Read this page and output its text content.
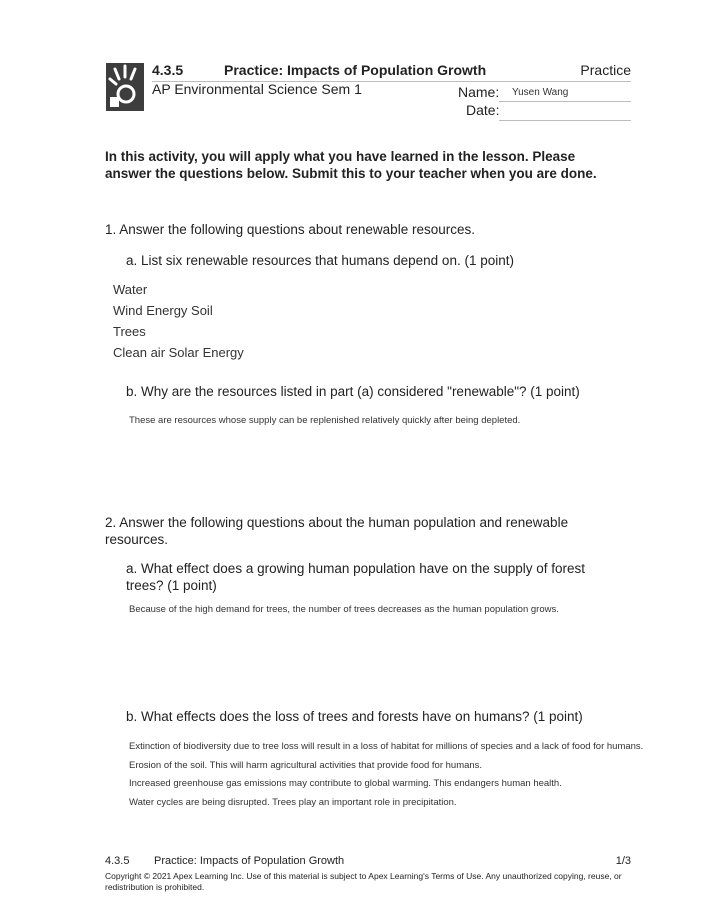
4.3.5	Practice: Impacts of Population Growth	Practice
AP Environmental Science Sem 1	Name: Yusen Wang
Date:
In this activity, you will apply what you have learned in the lesson. Please answer the questions below. Submit this to your teacher when you are done.
1. Answer the following questions about renewable resources.
a. List six renewable resources that humans depend on. (1 point)
Water
Wind Energy Soil
Trees
Clean air Solar Energy
b. Why are the resources listed in part (a) considered "renewable"? (1 point)
These are resources whose supply can be replenished relatively quickly after being depleted.
2. Answer the following questions about the human population and renewable resources.
a. What effect does a growing human population have on the supply of forest trees? (1 point)
Because of the high demand for trees, the number of trees decreases as the human population grows.
b. What effects does the loss of trees and forests have on humans? (1 point)
Extinction of biodiversity due to tree loss will result in a loss of habitat for millions of species and a lack of food for humans.
Erosion of the soil. This will harm agricultural activities that provide food for humans.
Increased greenhouse gas emissions may contribute to global warming. This endangers human health.
Water cycles are being disrupted. Trees play an important role in precipitation.
4.3.5 Practice: Impacts of Population Growth	1/3
Copyright © 2021 Apex Learning Inc. Use of this material is subject to Apex Learning's Terms of Use. Any unauthorized copying, reuse, or redistribution is prohibited.
